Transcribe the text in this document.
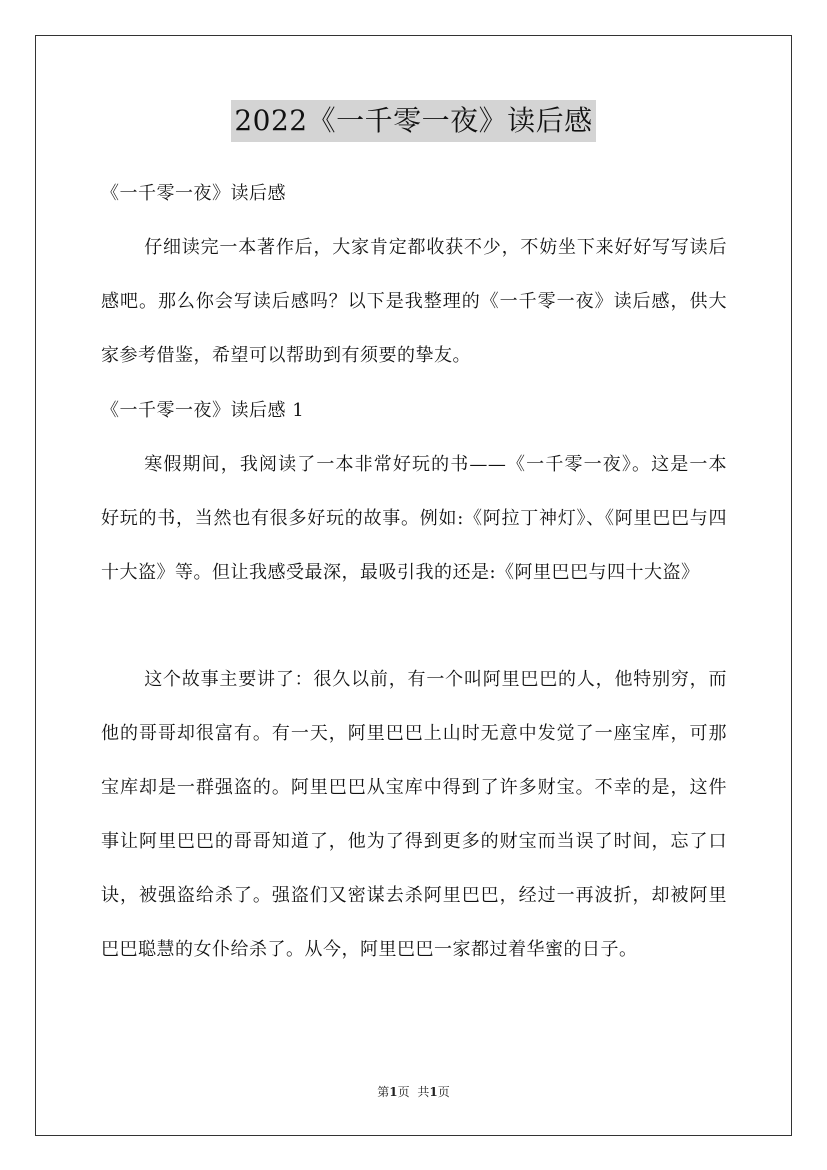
2022《一千零一夜》读后感
《一千零一夜》读后感
仔细读完一本著作后，大家肯定都收获不少，不妨坐下来好好写写读后感吧。那么你会写读后感吗？以下是我整理的《一千零一夜》读后感，供大家参考借鉴，希望可以帮助到有须要的挚友。
《一千零一夜》读后感 1
寒假期间，我阅读了一本非常好玩的书——《一千零一夜》。这是一本好玩的书，当然也有很多好玩的故事。例如:《阿拉丁神灯》、《阿里巴巴与四十大盗》等。但让我感受最深，最吸引我的还是:《阿里巴巴与四十大盗》
这个故事主要讲了：很久以前，有一个叫阿里巴巴的人，他特别穷，而他的哥哥却很富有。有一天，阿里巴巴上山时无意中发觉了一座宝库，可那宝库却是一群强盗的。阿里巴巴从宝库中得到了许多财宝。不幸的是，这件事让阿里巴巴的哥哥知道了，他为了得到更多的财宝而当误了时间，忘了口诀，被强盗给杀了。强盗们又密谋去杀阿里巴巴，经过一再波折，却被阿里巴巴聪慧的女仆给杀了。从今，阿里巴巴一家都过着华蜜的日子。
第1页 共1页
